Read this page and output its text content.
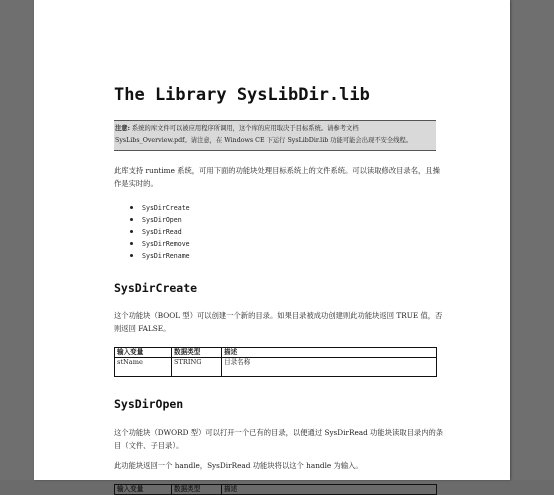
The Library SysLibDir.lib
注意: 系统的库文件可以被应用程序所调用，这个库的应用取决于目标系统。请参考文档
SysLibs_Overview.pdf。请注意，在 Windows CE 下运行 SysLibDir.lib 功能可能会出现不安全线程。

此库支持 runtime 系统，可用下面的功能块处理目标系统上的文件系统。可以读取修改目录名，且操作是实时的。

SysDirCreate
SysDirOpen
SysDirRead
SysDirRemove
SysDirRename
SysDirCreate

这个功能块（BOOL 型）可以创建一个新的目录。如果目录被成功创建则此功能块返回 TRUE 值，否则返回 FALSE。

输入变量	数据类型	描述
stName	STRING	目录名称
SysDirOpen

这个功能块（DWORD 型）可以打开一个已有的目录，以便通过 SysDirRead 功能块读取目录内的条目（文件、子目录）。

此功能块返回一个 handle，SysDirRead 功能块将以这个 handle 为输入。

输入变量	数据类型	描述
